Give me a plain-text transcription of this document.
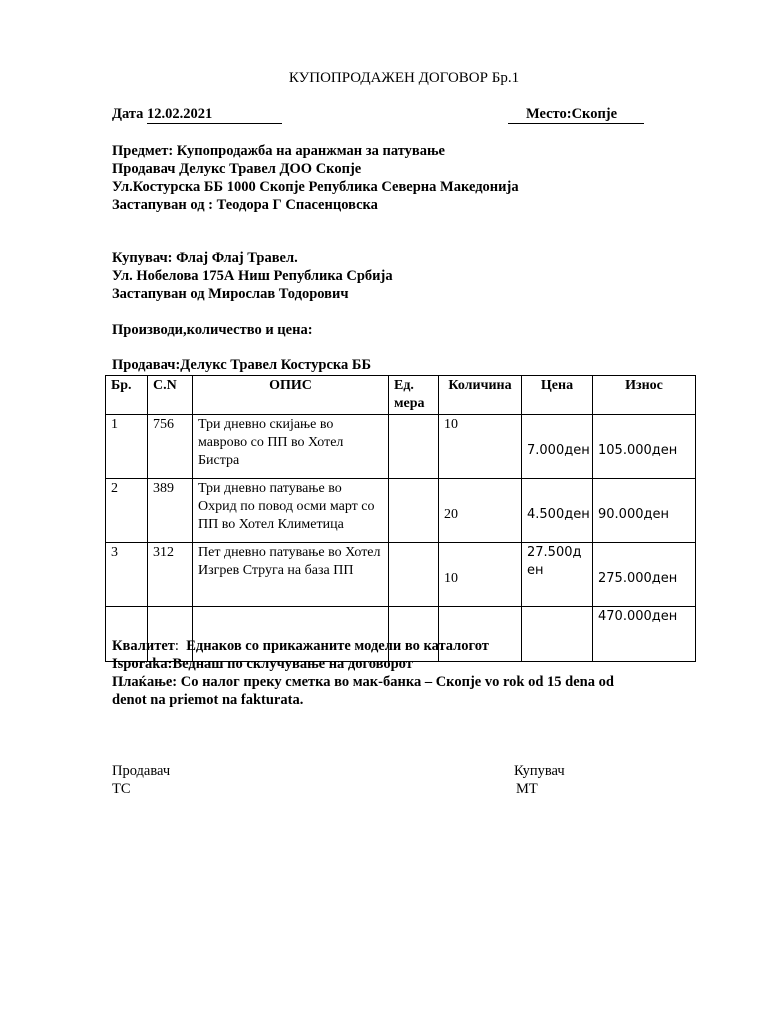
КУПОПРОДАЖЕН ДОГОВОР Бр.1
Дата 12.02.2021	Место:Скопје
Предмет: Купопродажба на аранжман за патување
Продавач Делукс Травел ДОО Скопје
Ул.Костурска ББ 1000 Скопје Република Северна Македонија
Застапуван од : Теодора Г Спасенцовска
Купувач: Флај Флај Травел.
Ул. Нобелова 175А Ниш Република Србија
Застапуван од Мирослав Тодорович
Производи,количество и цена:
Продавач:Делукс Травел Костурска ББ
Бр.	C.N	ОПИС	Ед. мера	Количина	Цена	Износ
1	756	Три дневно скијање во маврово со ПП во Хотел Бистра		10	7.000ден	105.000ден
2	389	Три дневно патување во Охрид по повод осми март со ПП во Хотел Климетица		20	4.500ден	90.000ден
3	312	Пет дневно патување во Хотел Изгрев Струга на база ПП		10	27.500ден	275.000ден
						470.000ден
Квалитет:  Еднаков со прикажаните модели во каталогот
Isporaka:Веднаш по склучување на договорот
Плаќање: Со налог преку сметка во мак-банка – Скопје vo rok od 15 dena od
denot na priemot na fakturata.
Продавач
ТС
Купувач
МТ
